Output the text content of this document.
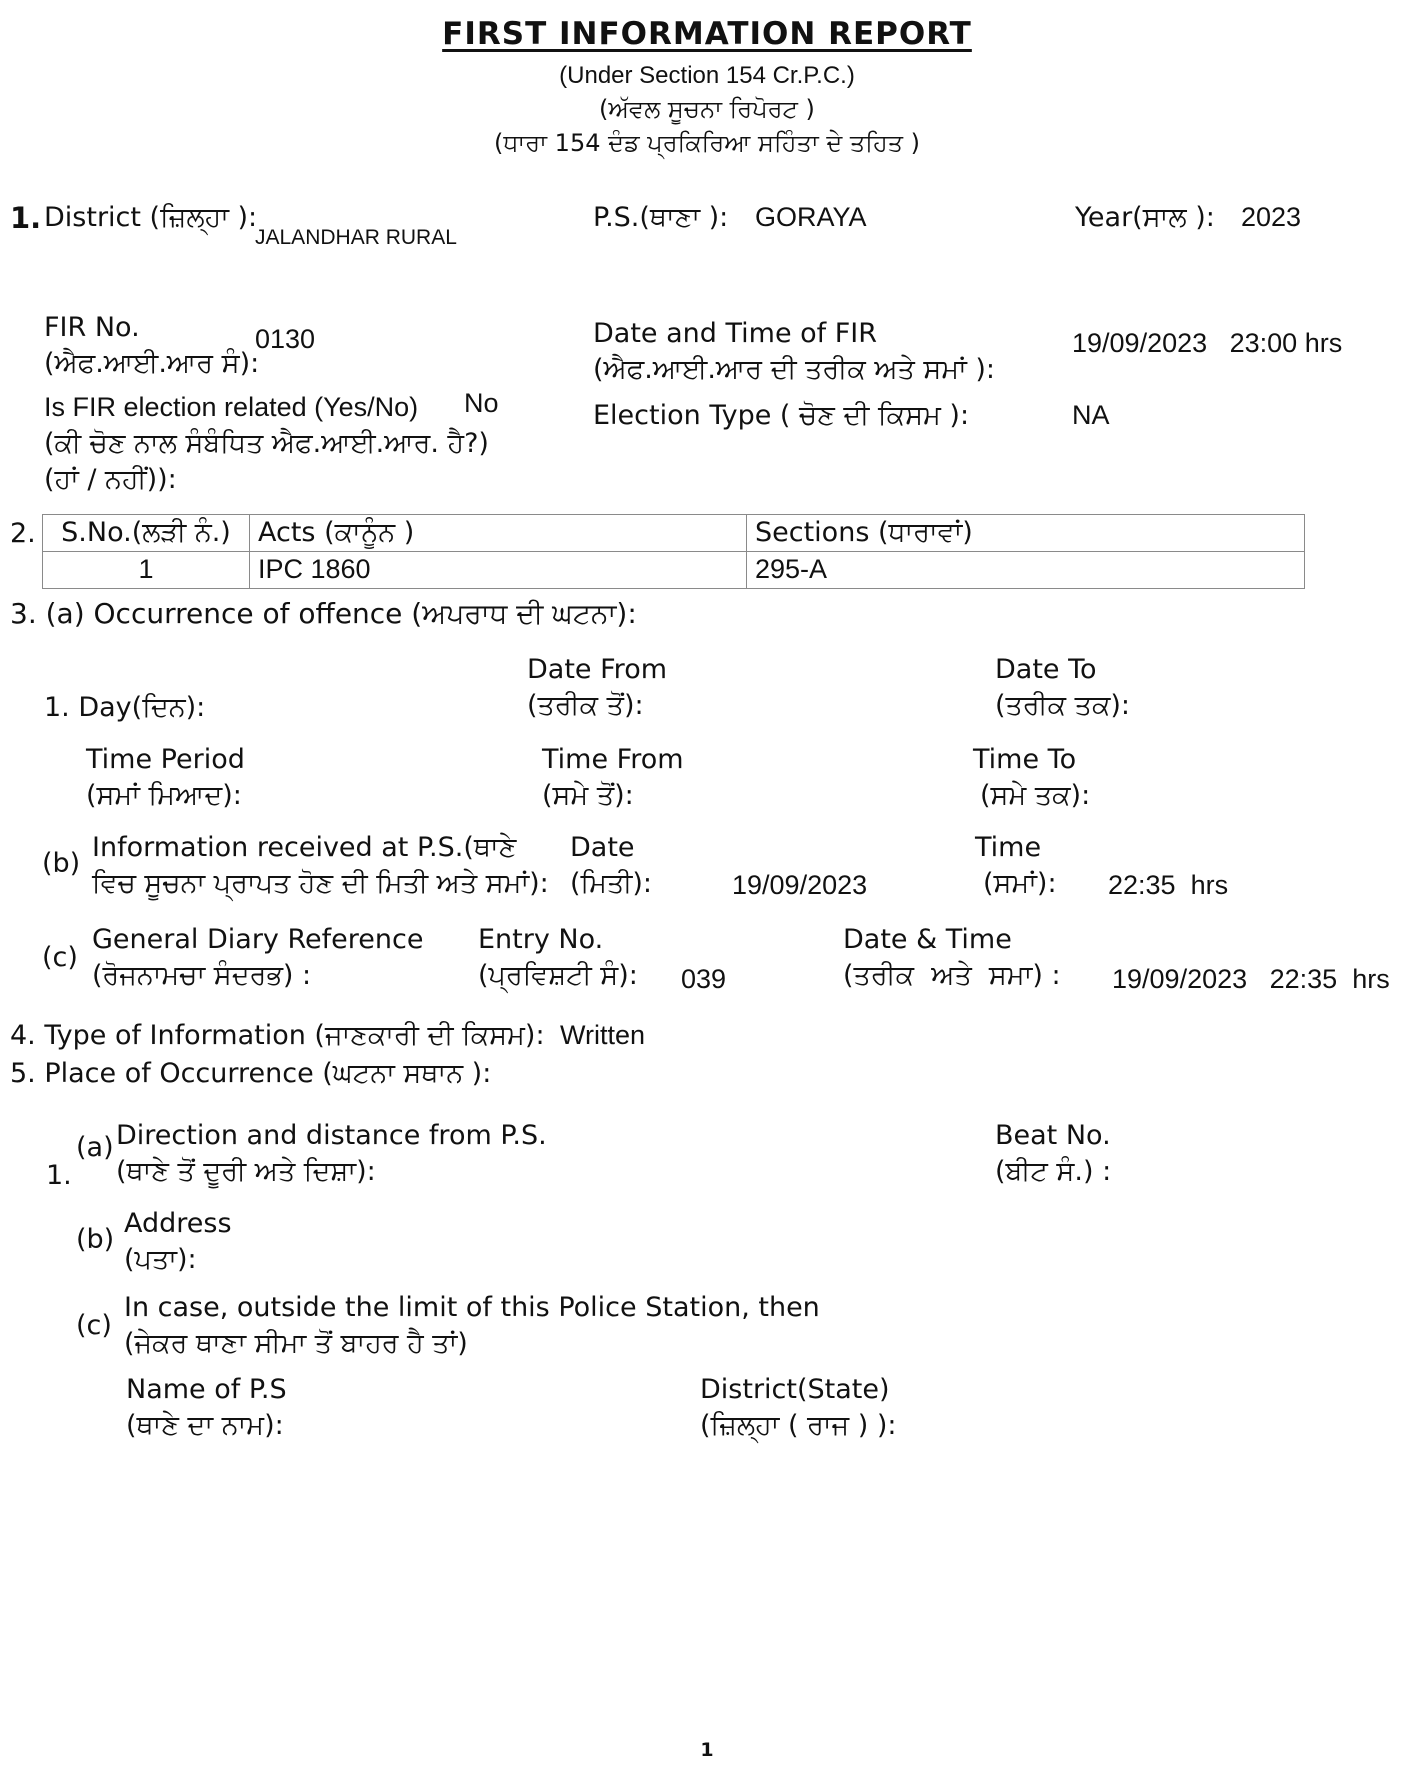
FIRST INFORMATION REPORT
(Under Section 154 Cr.P.C.)
(ਅੱਵਲ ਸੂਚਨਾ ਰਿਪੋਰਟ )
(ਧਾਰਾ 154 ਦੰਡ ਪ੍ਰਕਿਰਿਆ ਸਹਿੰਤਾ ਦੇ ਤਹਿਤ )
1. District (ਜ਼ਿਲ੍ਹਾ ):
JALANDHAR RURAL
P.S.(ਥਾਣਾ ): GORAYA	Year(ਸਾਲ ): 2023
FIR No.
(ਐਫ.ਆਈ.ਆਰ ਸੰ):
0130	Date and Time of FIR
(ਐਫ.ਆਈ.ਆਰ ਦੀ ਤਰੀਕ ਅਤੇ ਸਮਾਂ ):
19/09/2023   23:00 hrs
Is FIR election related (Yes/No)
(ਕੀ ਚੋਣ ਨਾਲ ਸੰਬੰਧਿਤ ਐਫ.ਆਈ.ਆਰ. ਹੈ?)
(ਹਾਂ / ਨਹੀਂ)):
No	Election Type ( ਚੋਣ ਦੀ ਕਿਸਮ ):	NA
2. S.No.(ਲੜੀ ਨੰ.)	Acts (ਕਾਨੂੰਨ )	Sections (ਧਾਰਾਵਾਂ)
1	IPC 1860	295-A
3. (a) Occurrence of offence (ਅਪਰਾਧ ਦੀ ਘਟਨਾ):
1. Day(ਦਿਨ):
Date From
(ਤਰੀਕ ਤੋਂ):
Date To
(ਤਰੀਕ ਤਕ):
Time Period
(ਸਮਾਂ ਮਿਆਦ):
Time From
(ਸਮੇ ਤੋਂ):
Time To
(ਸਮੇ ਤਕ):
(b)
Information received at P.S.(ਥਾਣੇ
ਵਿਚ ਸੂਚਨਾ ਪ੍ਰਾਪਤ ਹੋਣ ਦੀ ਮਿਤੀ ਅਤੇ ਸਮਾਂ):
Date
(ਮਿਤੀ):	19/09/2023
Time
(ਸਮਾਂ): 22:35  hrs
(c)
General Diary Reference
(ਰੋਜਨਾਮਚਾ ਸੰਦਰਭ) :
Entry No.
(ਪ੍ਰਵਿਸ਼ਟੀ ਸੰ): 039
Date & Time
(ਤਰੀਕ  ਅਤੇ  ਸਮਾ) : 19/09/2023   22:35  hrs
4. Type of Information (ਜਾਣਕਾਰੀ ਦੀ ਕਿਸਮ): Written
5. Place of Occurrence (ਘਟਨਾ ਸਥਾਨ ):
1.
(a) Direction and distance from P.S.
(ਥਾਣੇ ਤੋਂ ਦੂਰੀ ਅਤੇ ਦਿਸ਼ਾ):
Beat No.
(ਬੀਟ ਸੰ.) :
(b)
Address
(ਪਤਾ):
(c)
In case, outside the limit of this Police Station, then
(ਜੇਕਰ ਥਾਣਾ ਸੀਮਾ ਤੋਂ ਬਾਹਰ ਹੈ ਤਾਂ)
Name of P.S
(ਥਾਣੇ ਦਾ ਨਾਮ):
District(State)
(ਜ਼ਿਲ੍ਹਾ ( ਰਾਜ ) ):
1
